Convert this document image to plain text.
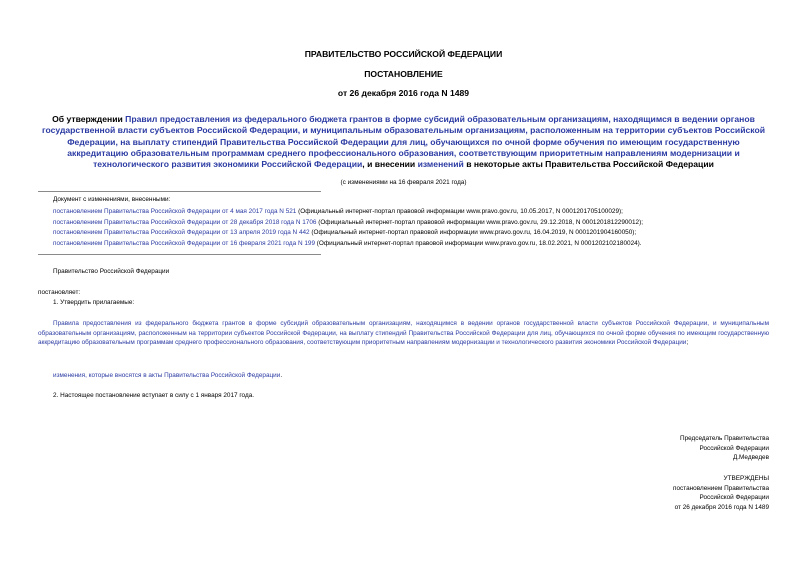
ПРАВИТЕЛЬСТВО РОССИЙСКОЙ ФЕДЕРАЦИИ
ПОСТАНОВЛЕНИЕ
от 26 декабря 2016 года N 1489
Об утверждении Правил предоставления из федерального бюджета грантов в форме субсидий образовательным организациям, находящимся в ведении органов государственной власти субъектов Российской Федерации, и муниципальным образовательным организациям, расположенным на территории субъектов Российской Федерации, на выплату стипендий Правительства Российской Федерации для лиц, обучающихся по очной форме обучения по имеющим государственную аккредитацию образовательным программам среднего профессионального образования, соответствующим приоритетным направлениям модернизации и технологического развития экономики Российской Федерации, и внесении изменений в некоторые акты Правительства Российской Федерации
(с изменениями на 16 февраля 2021 года)
Документ с изменениями, внесенными:
постановлением Правительства Российской Федерации от 4 мая 2017 года N 521 (Официальный интернет-портал правовой информации www.pravo.gov.ru, 10.05.2017, N 0001201705100029);
постановлением Правительства Российской Федерации от 28 декабря 2018 года N 1706 (Официальный интернет-портал правовой информации www.pravo.gov.ru, 29.12.2018, N 0001201812290012);
постановлением Правительства Российской Федерации от 13 апреля 2019 года N 442 (Официальный интернет-портал правовой информации www.pravo.gov.ru, 16.04.2019, N 0001201904160050);
постановлением Правительства Российской Федерации от 16 февраля 2021 года N 199 (Официальный интернет-портал правовой информации www.pravo.gov.ru, 18.02.2021, N 0001202102180024).
Правительство Российской Федерации
постановляет:
1. Утвердить прилагаемые:
Правила предоставления из федерального бюджета грантов в форме субсидий образовательным организациям, находящимся в ведении органов государственной власти субъектов Российской Федерации, и муниципальным образовательным организациям, расположенным на территории субъектов Российской Федерации, на выплату стипендий Правительства Российской Федерации для лиц, обучающихся по очной форме обучения по имеющим государственную аккредитацию образовательным программам среднего профессионального образования, соответствующим приоритетным направлениям модернизации и технологического развития экономики Российской Федерации;
изменения, которые вносятся в акты Правительства Российской Федерации.
2. Настоящее постановление вступает в силу с 1 января 2017 года.
Председатель Правительства
Российской Федерации
Д.Медведев
УТВЕРЖДЕНЫ
постановлением Правительства
Российской Федерации
от 26 декабря 2016 года N 1489
